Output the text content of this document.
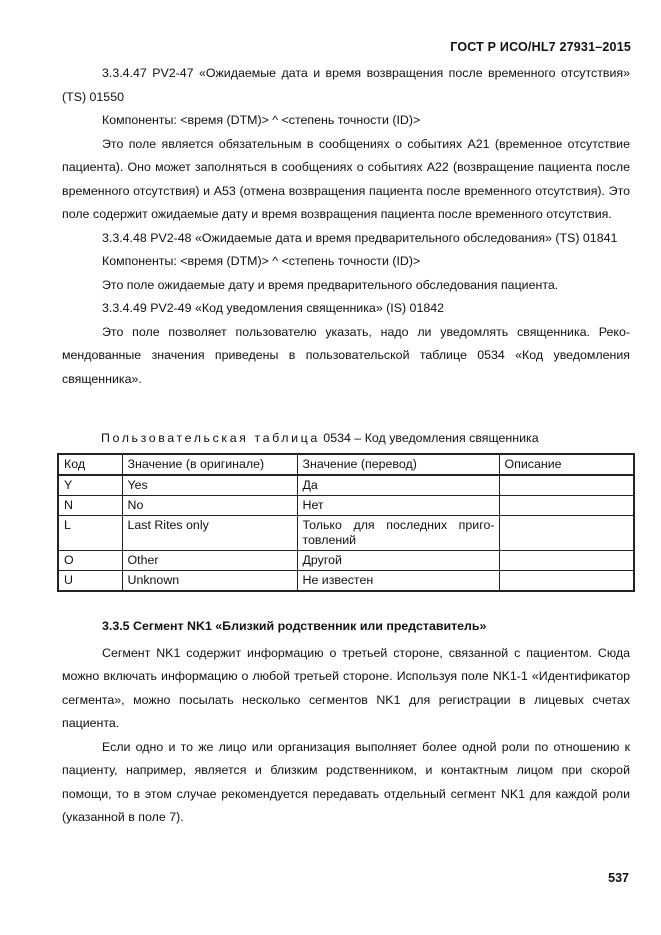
ГОСТ Р ИСО/HL7 27931–2015

3.3.4.47 PV2-47 «Ожидаемые дата и время возвращения после временного отсутствия» (TS) 01550

Компоненты: <время (DTM)> ^ <степень точности (ID)>

Это поле является обязательным в сообщениях о событиях A21 (временное отсутствие пациента). Оно может заполняться в сообщениях о событиях A22 (возвращение пациента после временного отсутствия) и A53 (отмена возвращения пациента после временного отсутствия). Это поле содержит ожидаемые дату и время возвращения пациента после временного отсутствия.

3.3.4.48 PV2-48 «Ожидаемые дата и время предварительного обследования» (TS) 01841

Компоненты: <время (DTM)> ^ <степень точности (ID)>

Это поле ожидаемые дату и время предварительного обследования пациента.

3.3.4.49 PV2-49 «Код уведомления священника» (IS) 01842

Это поле позволяет пользователю указать, надо ли уведомлять священника. Рекомендованные значения приведены в пользовательской таблице 0534 «Код уведомления священника».

Пользовательская таблица 0534 – Код уведомления священника
Код	Значение (в оригинале)	Значение (перевод)	Описание
Y	Yes	Да	
N	No	Нет	
L	Last Rites only	Только для последних приготовлений	
O	Other	Другой	
U	Unknown	Не известен	

3.3.5 Сегмент NK1 «Близкий родственник или представитель»

Сегмент NK1 содержит информацию о третьей стороне, связанной с пациентом. Сюда можно включать информацию о любой третьей стороне. Используя поле NK1-1 «Идентификатор сегмента», можно посылать несколько сегментов NK1 для регистрации в лицевых счетах пациента.

Если одно и то же лицо или организация выполняет более одной роли по отношению к пациенту, например, является и близким родственником, и контактным лицом при скорой помощи, то в этом случае рекомендуется передавать отдельный сегмент NK1 для каждой роли (указанной в поле 7).

537
